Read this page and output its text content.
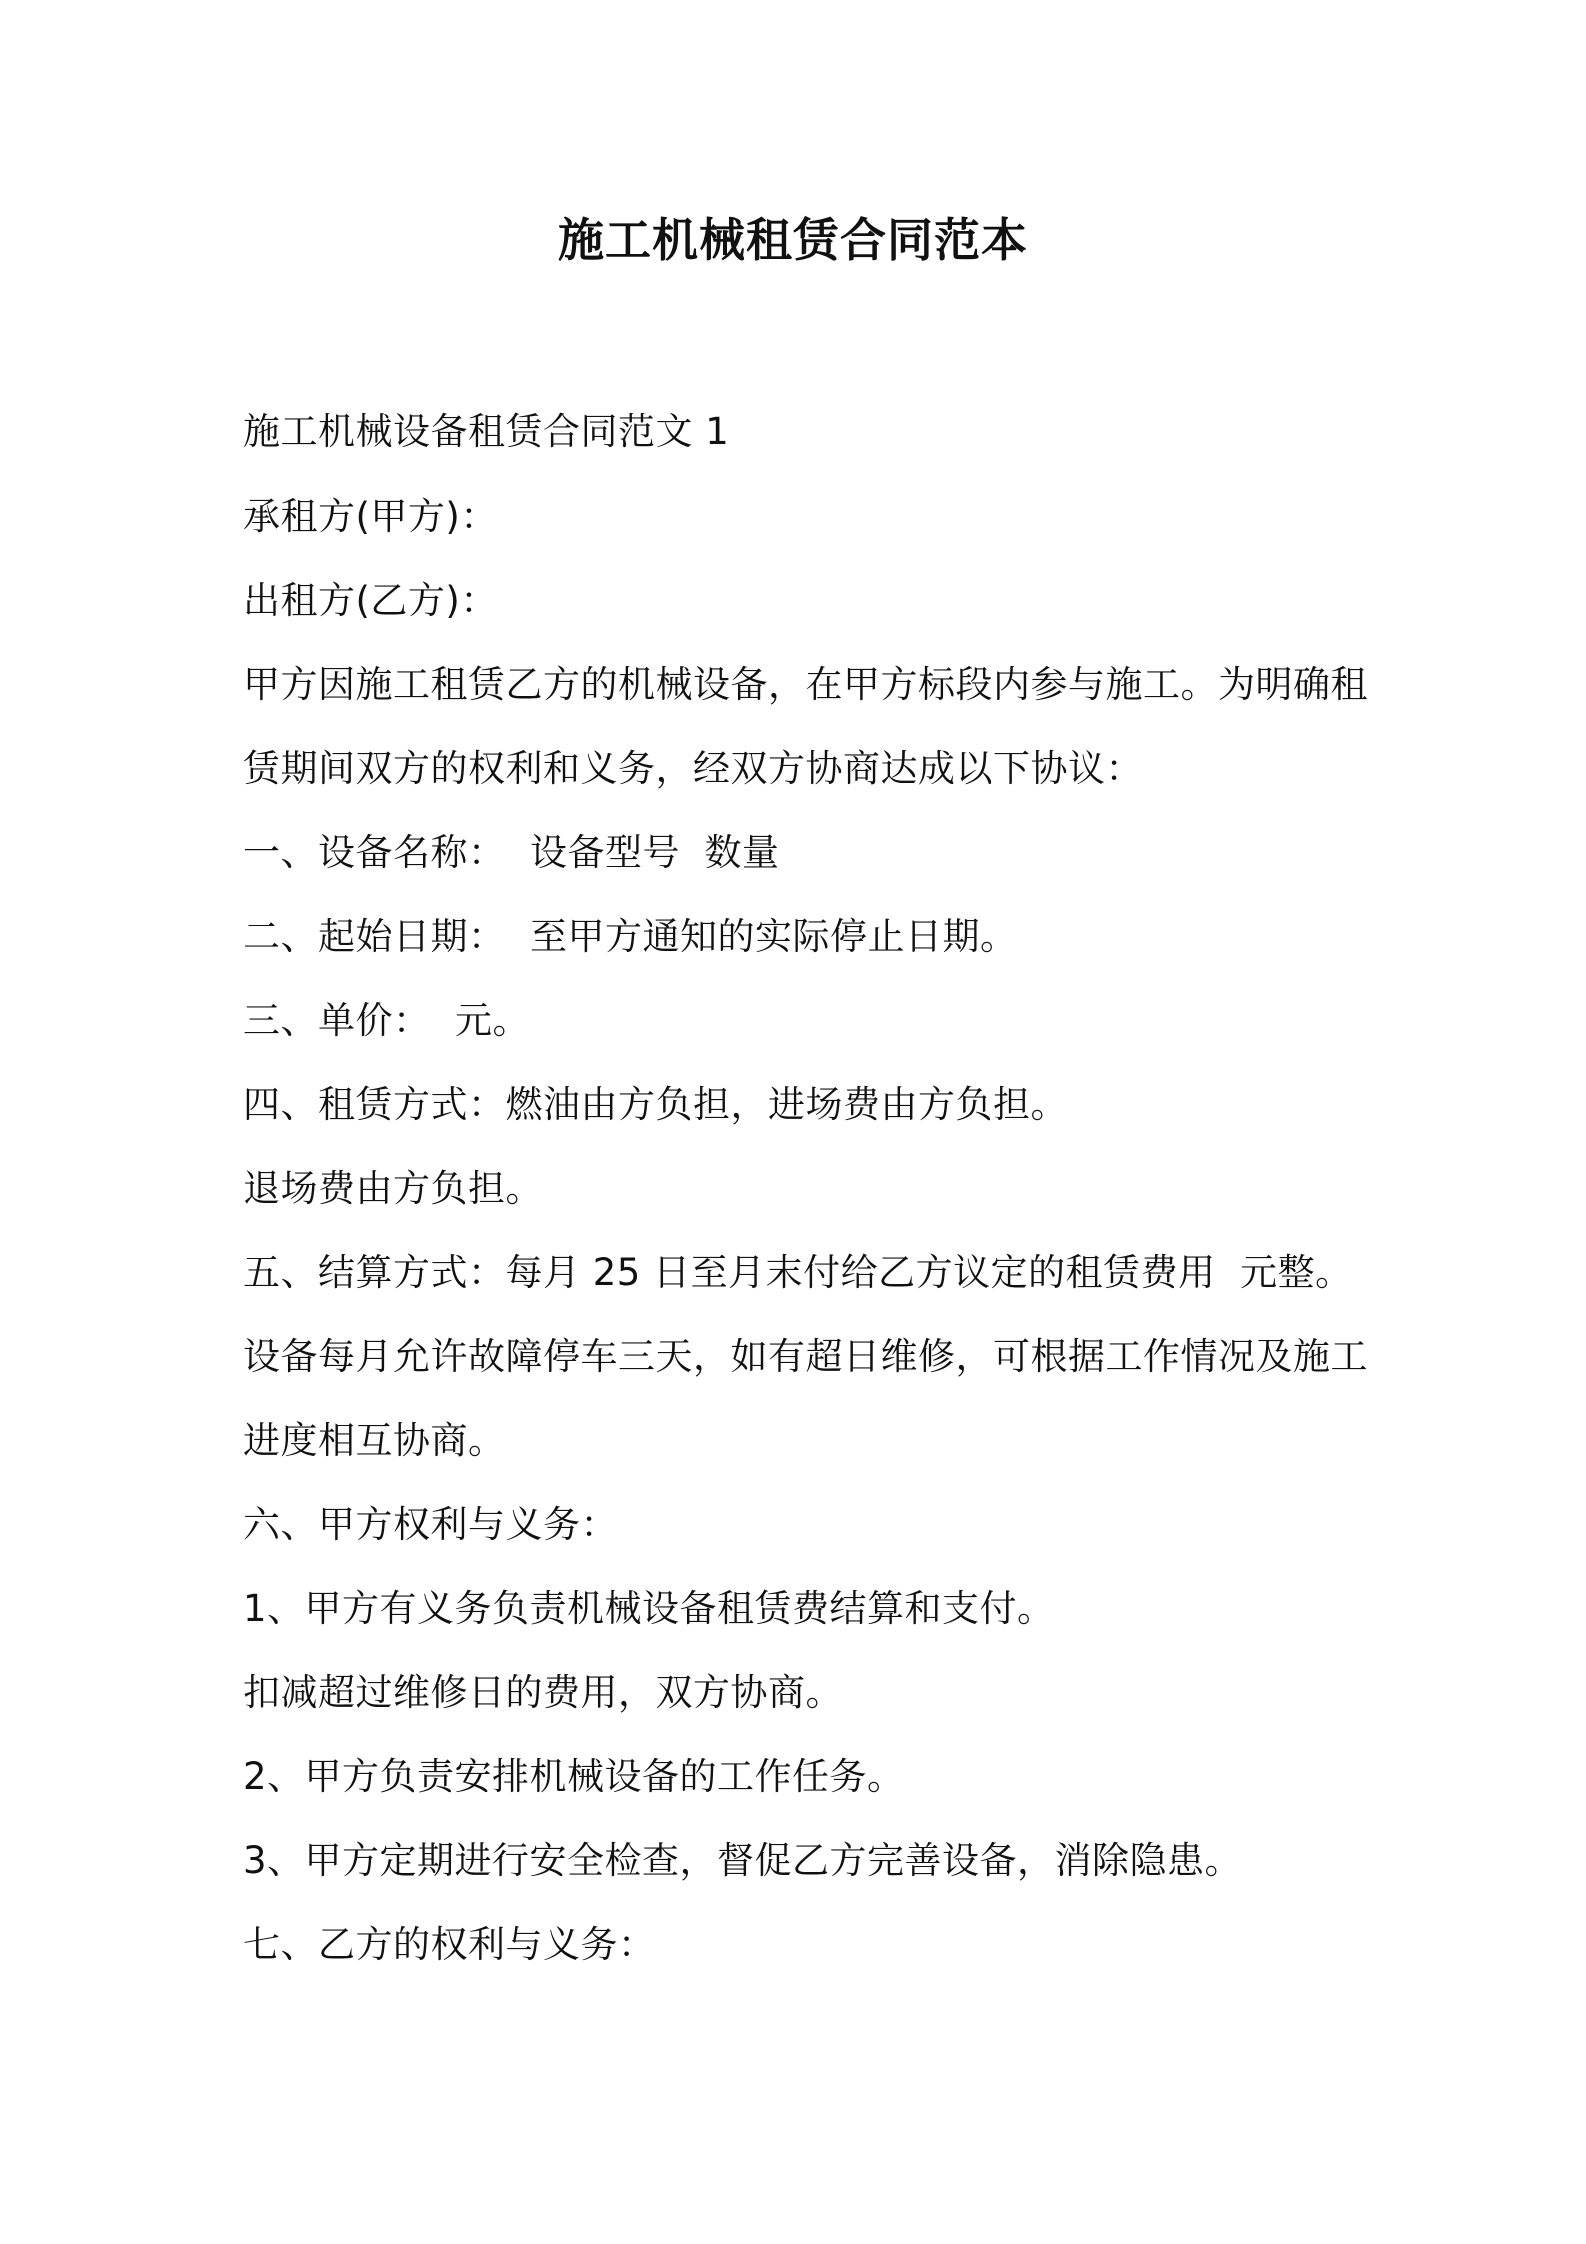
施工机械租赁合同范本
施工机械设备租赁合同范文 1
承租方(甲方)：
出租方(乙方)：
甲方因施工租赁乙方的机械设备，在甲方标段内参与施工。为明确租
赁期间双方的权利和义务，经双方协商达成以下协议：
一、设备名称：  设备型号  数量
二、起始日期：  至甲方通知的实际停止日期。
三、单价：  元。
四、租赁方式：燃油由方负担，进场费由方负担。
退场费由方负担。
五、结算方式：每月 25 日至月末付给乙方议定的租赁费用  元整。
设备每月允许故障停车三天，如有超日维修，可根据工作情况及施工
进度相互协商。
六、甲方权利与义务：
1、甲方有义务负责机械设备租赁费结算和支付。
扣减超过维修日的费用，双方协商。
2、甲方负责安排机械设备的工作任务。
3、甲方定期进行安全检查，督促乙方完善设备，消除隐患。
七、乙方的权利与义务：
